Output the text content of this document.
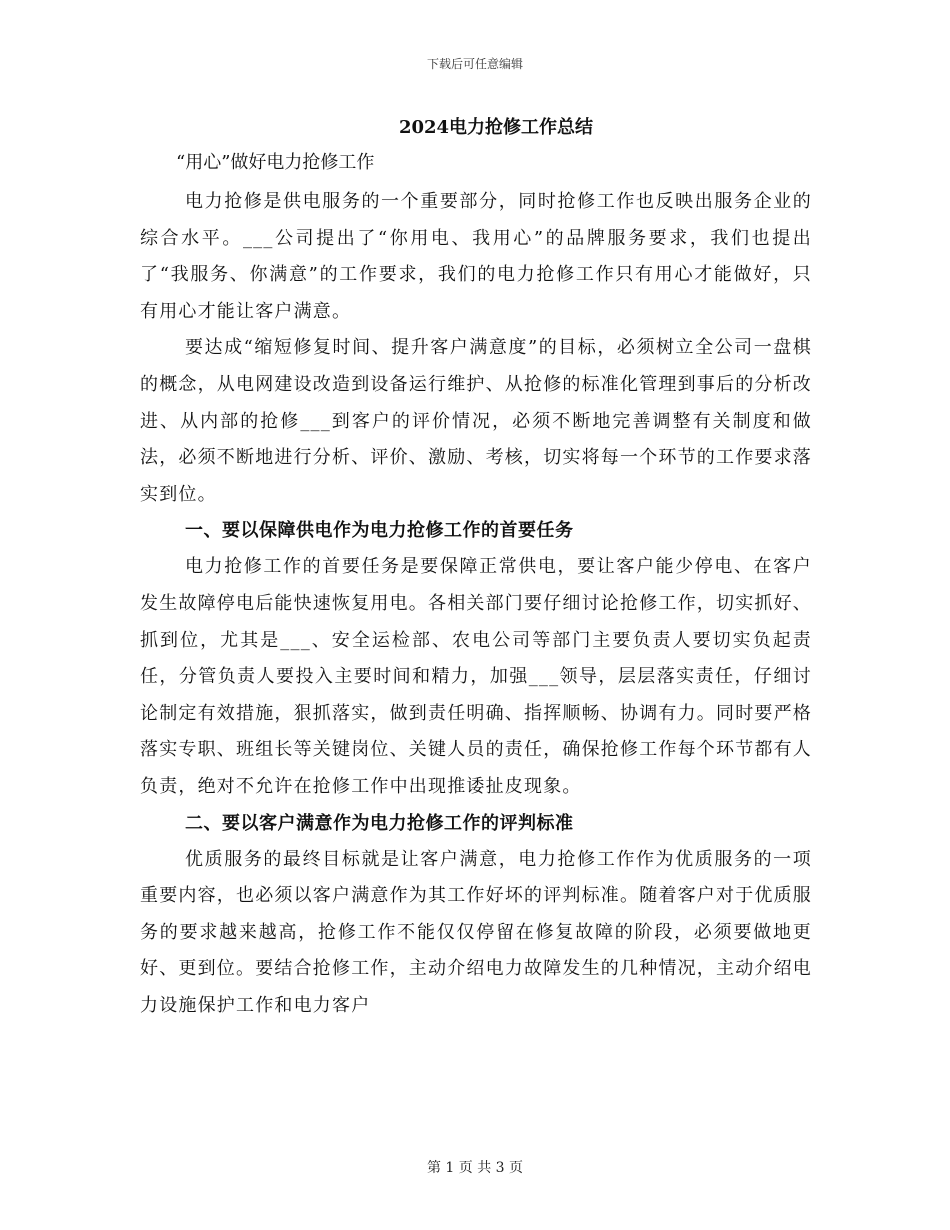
下载后可任意编辑
2024电力抢修工作总结

“用心”做好电力抢修工作

电力抢修是供电服务的一个重要部分，同时抢修工作也反映出服务企业的综合水平。___公司提出了“你用电、我用心”的品牌服务要求，我们也提出了“我服务、你满意”的工作要求，我们的电力抢修工作只有用心才能做好，只有用心才能让客户满意。

要达成“缩短修复时间、提升客户满意度”的目标，必须树立全公司一盘棋的概念，从电网建设改造到设备运行维护、从抢修的标准化管理到事后的分析改进、从内部的抢修___到客户的评价情况，必须不断地完善调整有关制度和做法，必须不断地进行分析、评价、激励、考核，切实将每一个环节的工作要求落实到位。

一、要以保障供电作为电力抢修工作的首要任务

电力抢修工作的首要任务是要保障正常供电，要让客户能少停电、在客户发生故障停电后能快速恢复用电。各相关部门要仔细讨论抢修工作，切实抓好、抓到位，尤其是___、安全运检部、农电公司等部门主要负责人要切实负起责任，分管负责人要投入主要时间和精力，加强___领导，层层落实责任，仔细讨论制定有效措施，狠抓落实，做到责任明确、指挥顺畅、协调有力。同时要严格落实专职、班组长等关键岗位、关键人员的责任，确保抢修工作每个环节都有人负责，绝对不允许在抢修工作中出现推诿扯皮现象。

二、要以客户满意作为电力抢修工作的评判标准

优质服务的最终目标就是让客户满意，电力抢修工作作为优质服务的一项重要内容，也必须以客户满意作为其工作好坏的评判标准。随着客户对于优质服务的要求越来越高，抢修工作不能仅仅停留在修复故障的阶段，必须要做地更好、更到位。要结合抢修工作，主动介绍电力故障发生的几种情况，主动介绍电力设施保护工作和电力客户

第 1 页 共 3 页
